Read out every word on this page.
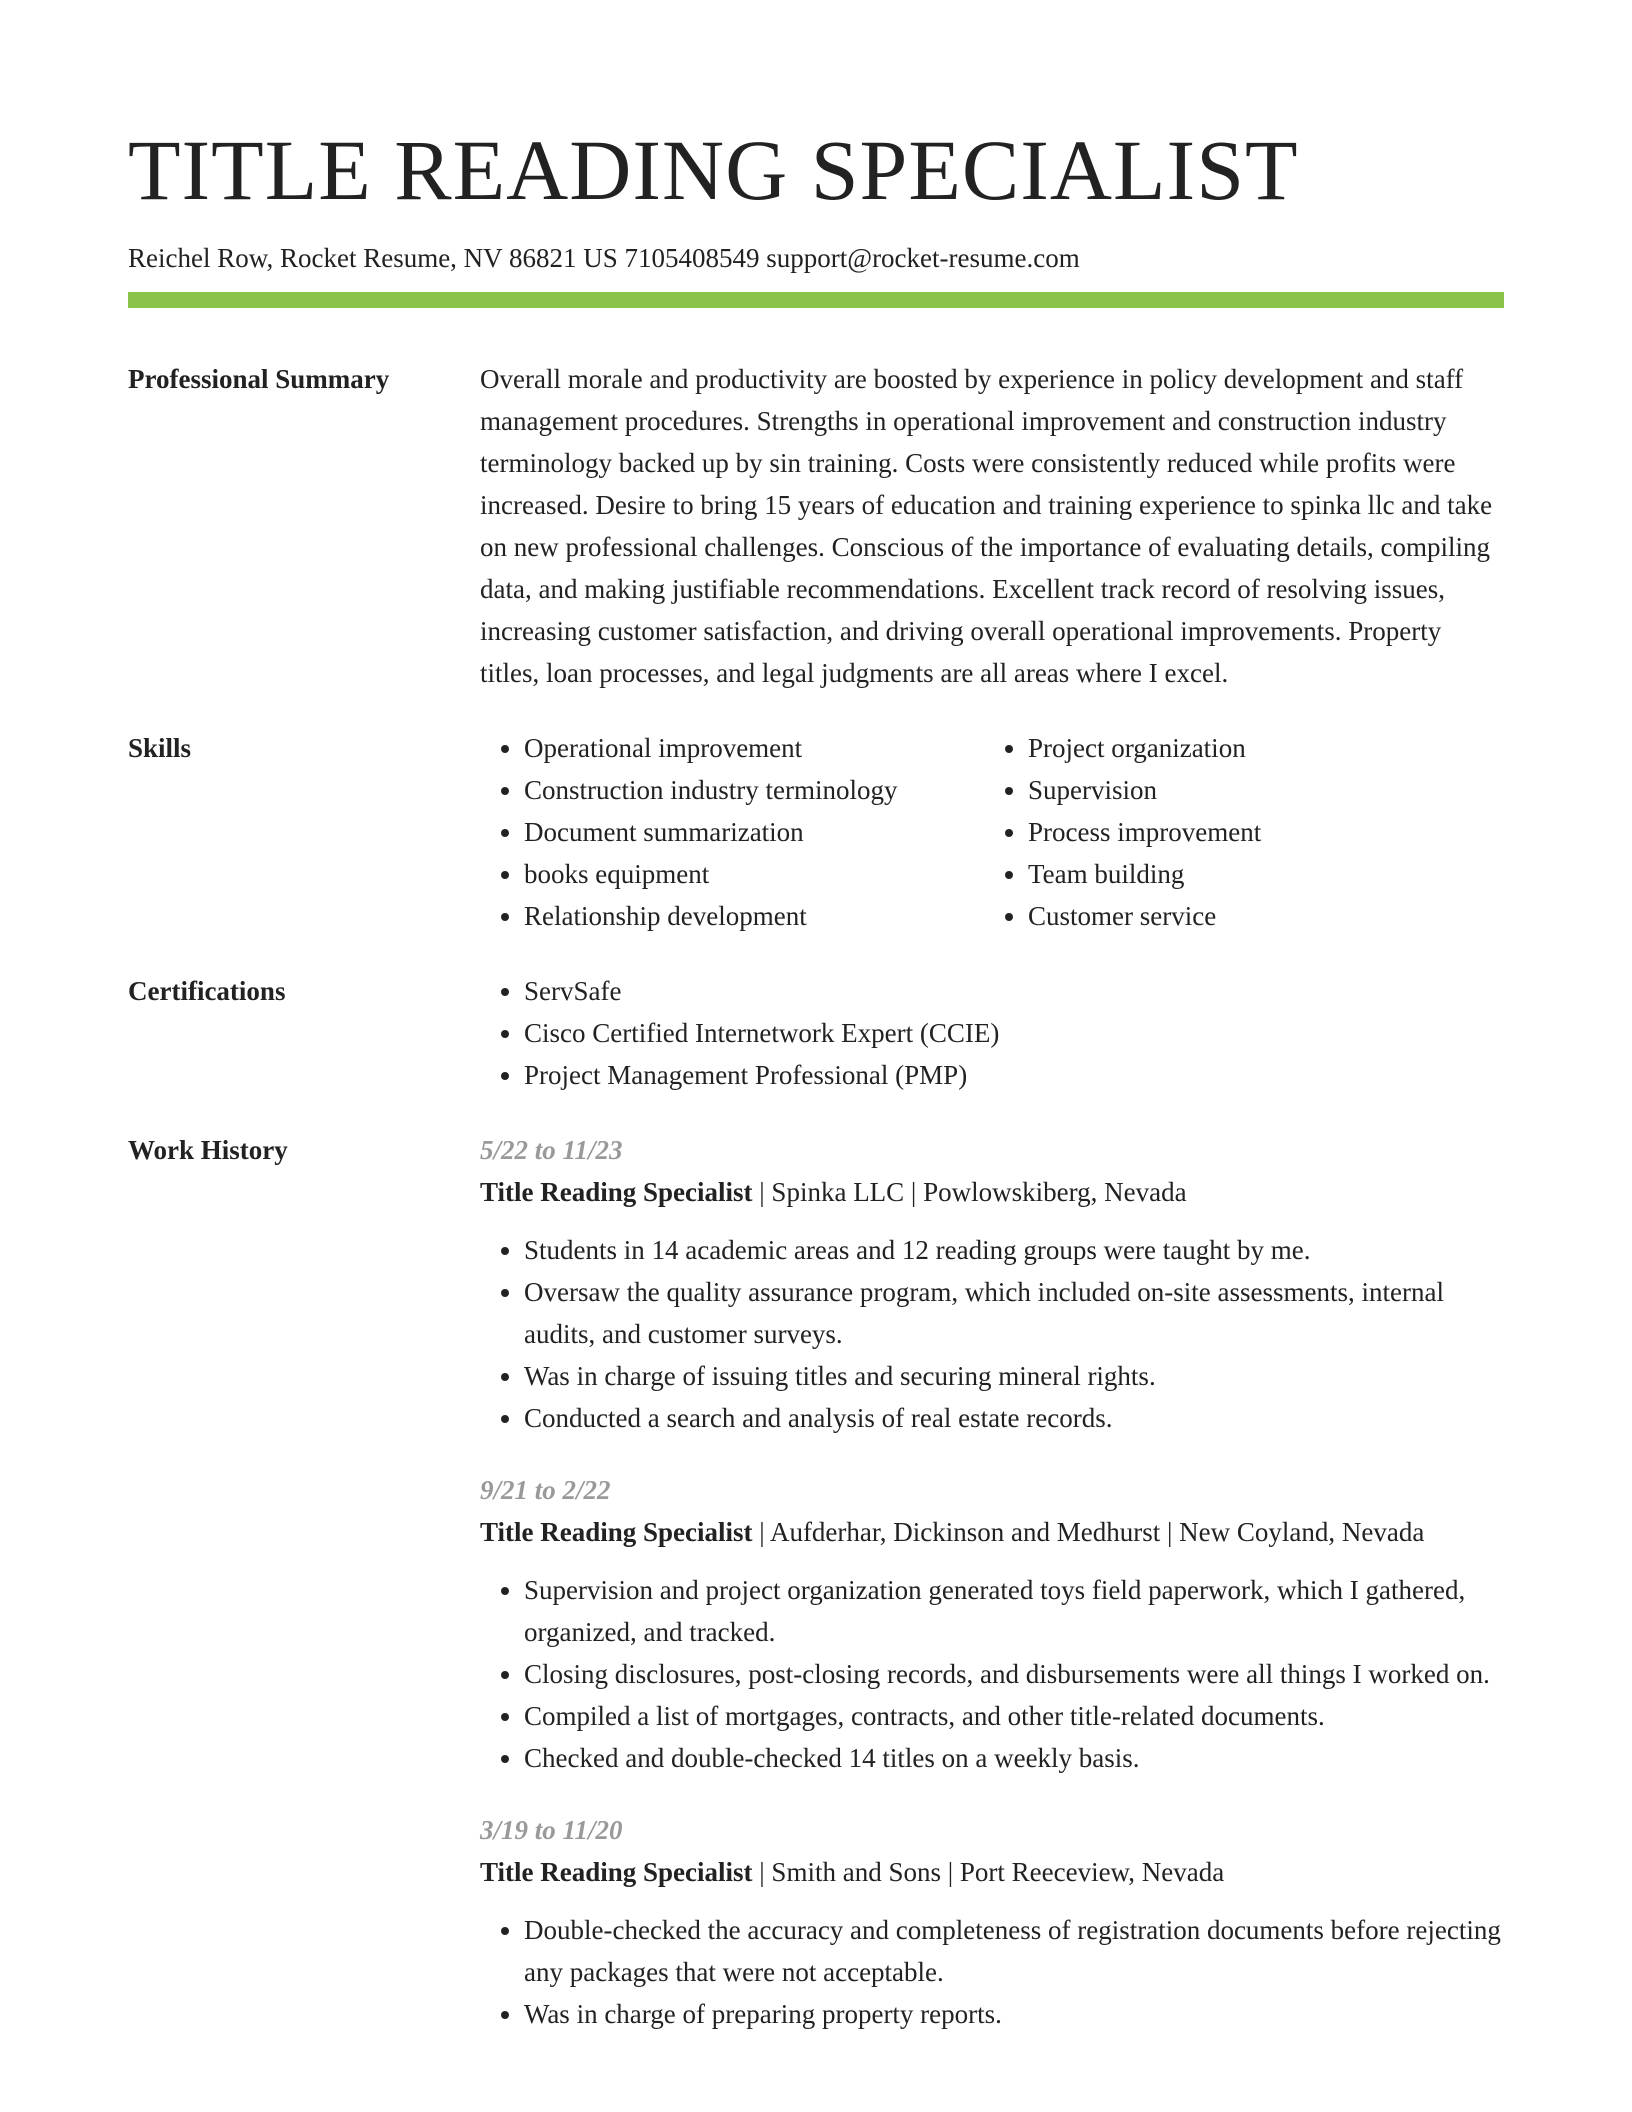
TITLE READING SPECIALIST
Reichel Row, Rocket Resume, NV 86821 US 7105408549 support@rocket-resume.com
Professional Summary	Overall morale and productivity are boosted by experience in policy development and staff management procedures. Strengths in operational improvement and construction industry terminology backed up by sin training. Costs were consistently reduced while profits were increased. Desire to bring 15 years of education and training experience to spinka llc and take on new professional challenges. Conscious of the importance of evaluating details, compiling data, and making justifiable recommendations. Excellent track record of resolving issues, increasing customer satisfaction, and driving overall operational improvements. Property titles, loan processes, and legal judgments are all areas where I excel.

Skills	• Operational improvement
• Construction industry terminology
• Document summarization
• books equipment
• Relationship development
• Project organization
• Supervision
• Process improvement
• Team building
• Customer service
Certifications	• ServSafe
• Cisco Certified Internetwork Expert (CCIE)
• Project Management Professional (PMP)
Work History	5/22 to 11/23
Title Reading Specialist | Spinka LLC | Powlowskiberg, Nevada
• Students in 14 academic areas and 12 reading groups were taught by me.
• Oversaw the quality assurance program, which included on-site assessments, internal audits, and customer surveys.
• Was in charge of issuing titles and securing mineral rights.
• Conducted a search and analysis of real estate records.
9/21 to 2/22
Title Reading Specialist | Aufderhar, Dickinson and Medhurst | New Coyland, Nevada
• Supervision and project organization generated toys field paperwork, which I gathered, organized, and tracked.
• Closing disclosures, post-closing records, and disbursements were all things I worked on.
• Compiled a list of mortgages, contracts, and other title-related documents.
• Checked and double-checked 14 titles on a weekly basis.
3/19 to 11/20
Title Reading Specialist | Smith and Sons | Port Reeceview, Nevada
• Double-checked the accuracy and completeness of registration documents before rejecting any packages that were not acceptable.
• Was in charge of preparing property reports.
